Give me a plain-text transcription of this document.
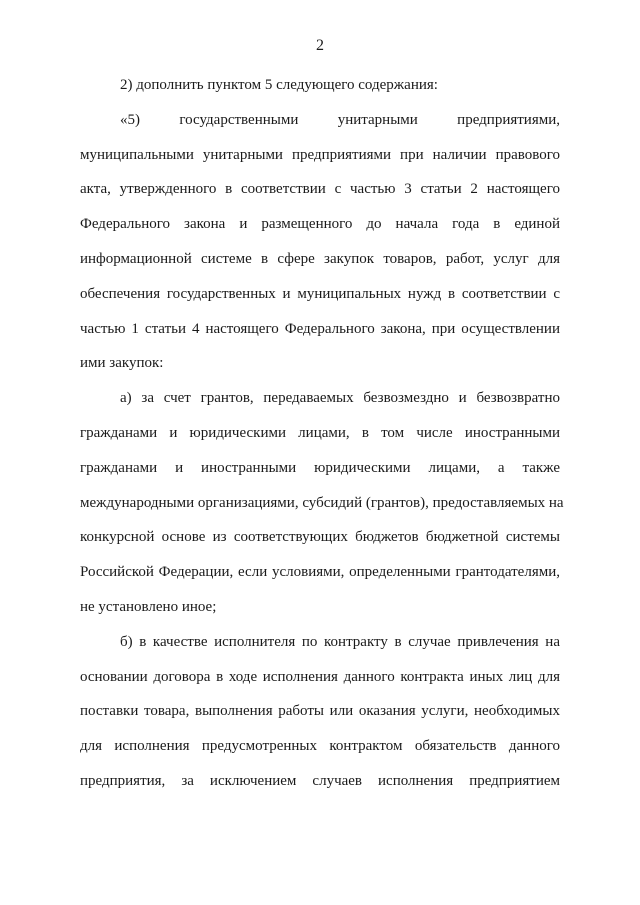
2
2) дополнить пунктом 5 следующего содержания:
«5) государственными унитарными предприятиями,
муниципальными унитарными предприятиями при наличии правового
акта, утвержденного в соответствии с частью 3 статьи 2 настоящего
Федерального закона и размещенного до начала года в единой
информационной системе в сфере закупок товаров, работ, услуг для
обеспечения государственных и муниципальных нужд в соответствии с
частью 1 статьи 4 настоящего Федерального закона, при осуществлении
ими закупок:
а) за счет грантов, передаваемых безвозмездно и безвозвратно
гражданами и юридическими лицами, в том числе иностранными
гражданами и иностранными юридическими лицами, а также
международными организациями, субсидий (грантов), предоставляемых на
конкурсной основе из соответствующих бюджетов бюджетной системы
Российской Федерации, если условиями, определенными грантодателями,
не установлено иное;
б) в качестве исполнителя по контракту в случае привлечения на
основании договора в ходе исполнения данного контракта иных лиц для
поставки товара, выполнения работы или оказания услуги, необходимых
для исполнения предусмотренных контрактом обязательств данного
предприятия, за исключением случаев исполнения предприятием
